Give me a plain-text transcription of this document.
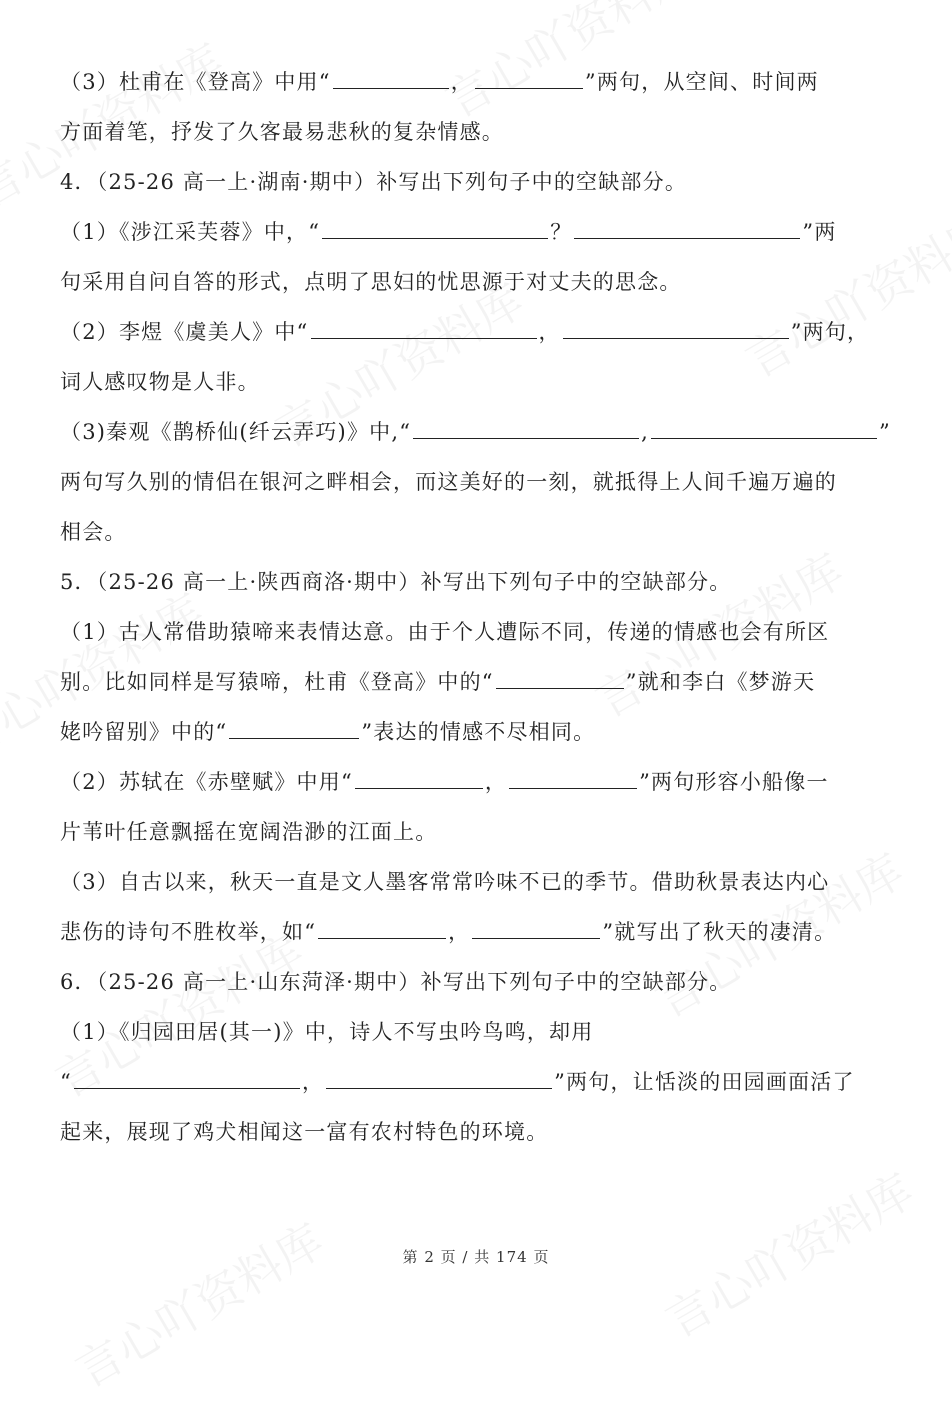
（3）杜甫在《登高》中用“	，	”两句，从空间、时间两
方面着笔，抒发了久客最易悲秋的复杂情感。
4．（25-26 高一上·湖南·期中）补写出下列句子中的空缺部分。
（1）《涉江采芙蓉》中，“	？	”两
句采用自问自答的形式，点明了思妇的忧思源于对丈夫的思念。
（2）李煜《虞美人》中“	，	”两句，
词人感叹物是人非。
（3)秦观《鹊桥仙(纤云弄巧)》中,“	,	”
两句写久别的情侣在银河之畔相会，而这美好的一刻，就抵得上人间千遍万遍的
相会。
5．（25-26 高一上·陕西商洛·期中）补写出下列句子中的空缺部分。
（1）古人常借助猿啼来表情达意。由于个人遭际不同，传递的情感也会有所区
别。比如同样是写猿啼，杜甫《登高》中的“	”就和李白《梦游天
姥吟留别》中的“	”表达的情感不尽相同。
（2）苏轼在《赤壁赋》中用“	，	”两句形容小船像一
片苇叶任意飘摇在宽阔浩渺的江面上。
（3）自古以来，秋天一直是文人墨客常常吟味不已的季节。借助秋景表达内心
悲伤的诗句不胜枚举，如“	，	”就写出了秋天的凄清。
6．（25-26 高一上·山东菏泽·期中）补写出下列句子中的空缺部分。
（1）《归园田居(其一)》中，诗人不写虫吟鸟鸣，却用
“	，	”两句，让恬淡的田园画面活了
起来，展现了鸡犬相闻这一富有农村特色的环境。
第 2 页 / 共 174 页
